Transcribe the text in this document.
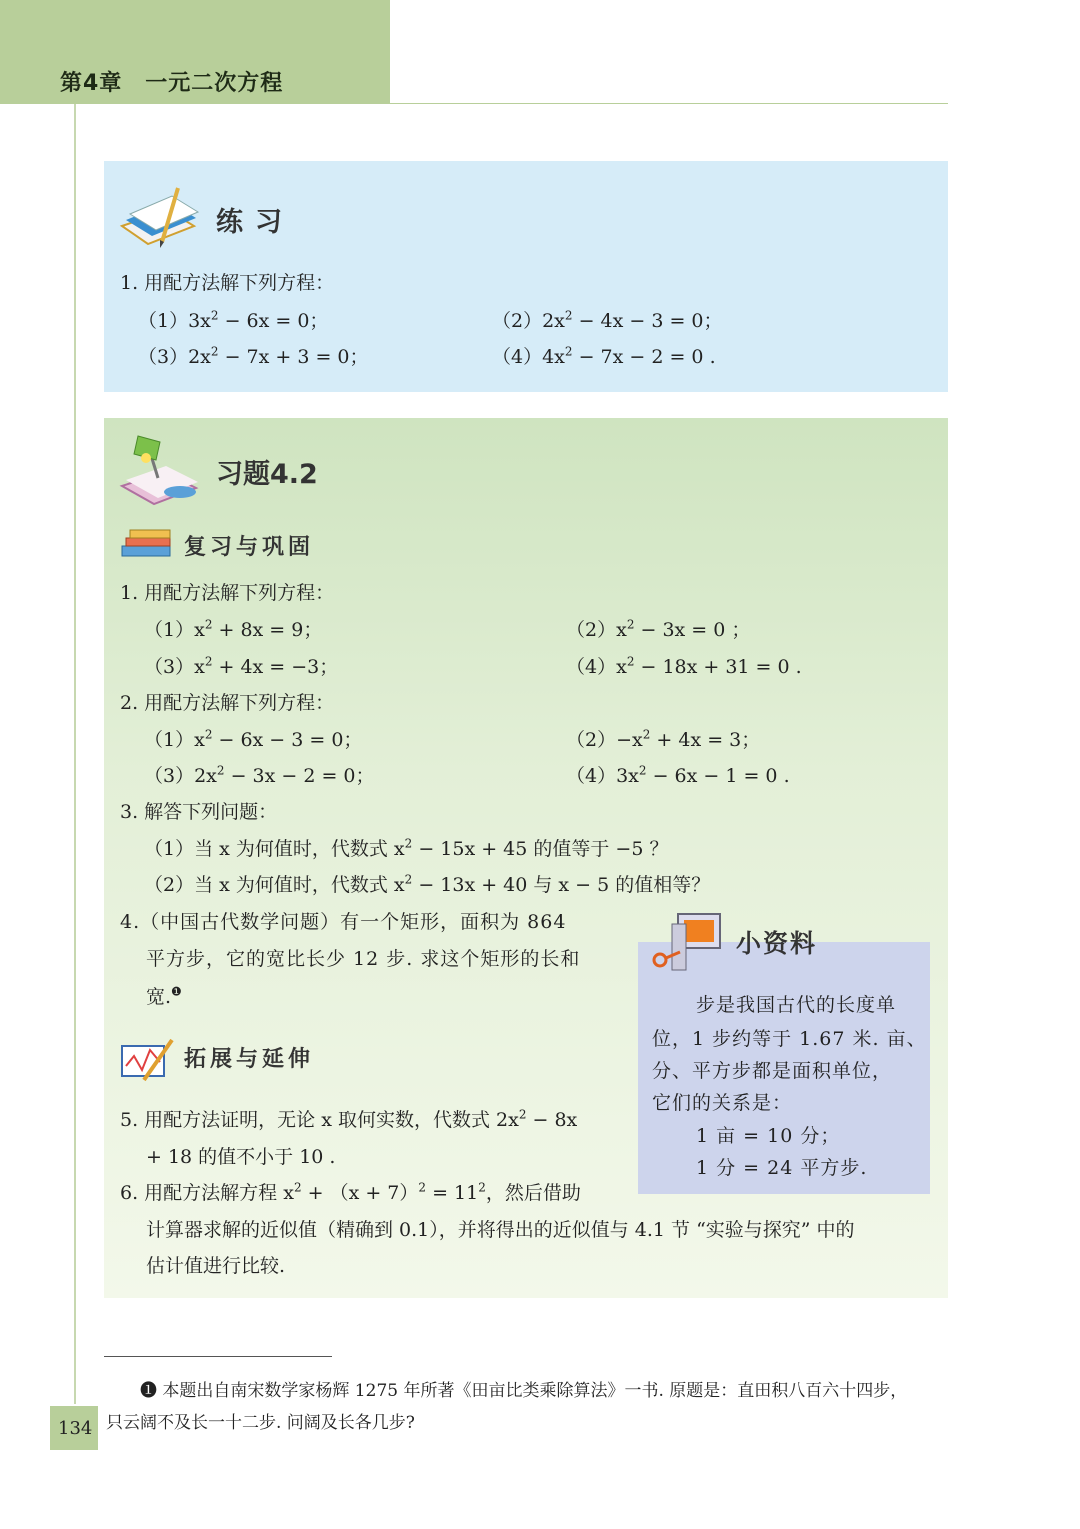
第4章　一元二次方程
练习
1. 用配方法解下列方程：
$(1)3x^2 - 6x = 0$；	$(2)2x^2 - 4x - 3 = 0$；
$(3)2x^2 - 7x + 3 = 0$；	$(4)4x^2 - 7x - 2 = 0$ .
习题4.2
复习与巩固
1. 用配方法解下列方程：
$(1)x^2 + 8x = 9$；	$(2)x^2 - 3x = 0$ ；
$(3)x^2 + 4x = -3$；	$(4)x^2 - 18x + 31 = 0$ .
2. 用配方法解下列方程：
$(1)x^2 - 6x - 3 = 0$；	$(2)-x^2 + 4x = 3$；
$(3)2x^2 - 3x - 2 = 0$；	$(4)3x^2 - 6x - 1 = 0$ .
3. 解答下列问题：
（1）当 x 为何值时，代数式 $x^2 - 15x + 45$ 的值等于 −5 ？
（2）当 x 为何值时，代数式 $x^2 - 13x + 40$ 与 x − 5 的值相等？
4.（中国古代数学问题）有一个矩形，面积为 864
平方步，它的宽比长少 12 步. 求这个矩形的长和
宽.$^❶$
拓展与延伸
5. 用配方法证明，无论 x 取何实数，代数式 $2x^2 - 8x$
+ 18 的值不小于 10 .
6. 用配方法解方程 $x^2 + (x + 7)^2 = 11^2$，然后借助
计算器求解的近似值（精确到 0.1），并将得出的近似值与 4.1 节 “实验与探究” 中的
估计值进行比较.
小资料
步是我国古代的长度单
位，1 步约等于 1.67 米. 亩、
分、平方步都是面积单位，
它们的关系是：
1 亩 = 10 分；
1 分 = 24 平方步.
❶ 本题出自南宋数学家杨辉 1275 年所著《田亩比类乘除算法》一书. 原题是：直田积八百六十四步，
只云阔不及长一十二步. 问阔及长各几步?
134
